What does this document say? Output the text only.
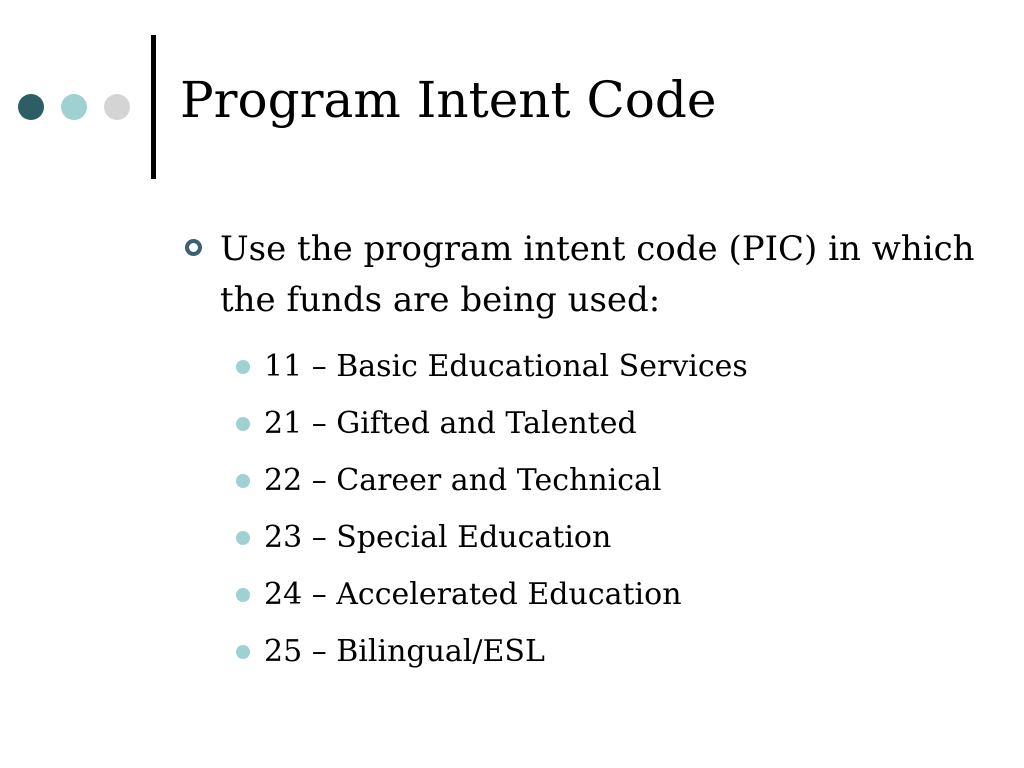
Program Intent Code
Use the program intent code (PIC) in which the funds are being used:
11 – Basic Educational Services
21 – Gifted and Talented
22 – Career and Technical
23 – Special Education
24 – Accelerated Education
25 – Bilingual/ESL
